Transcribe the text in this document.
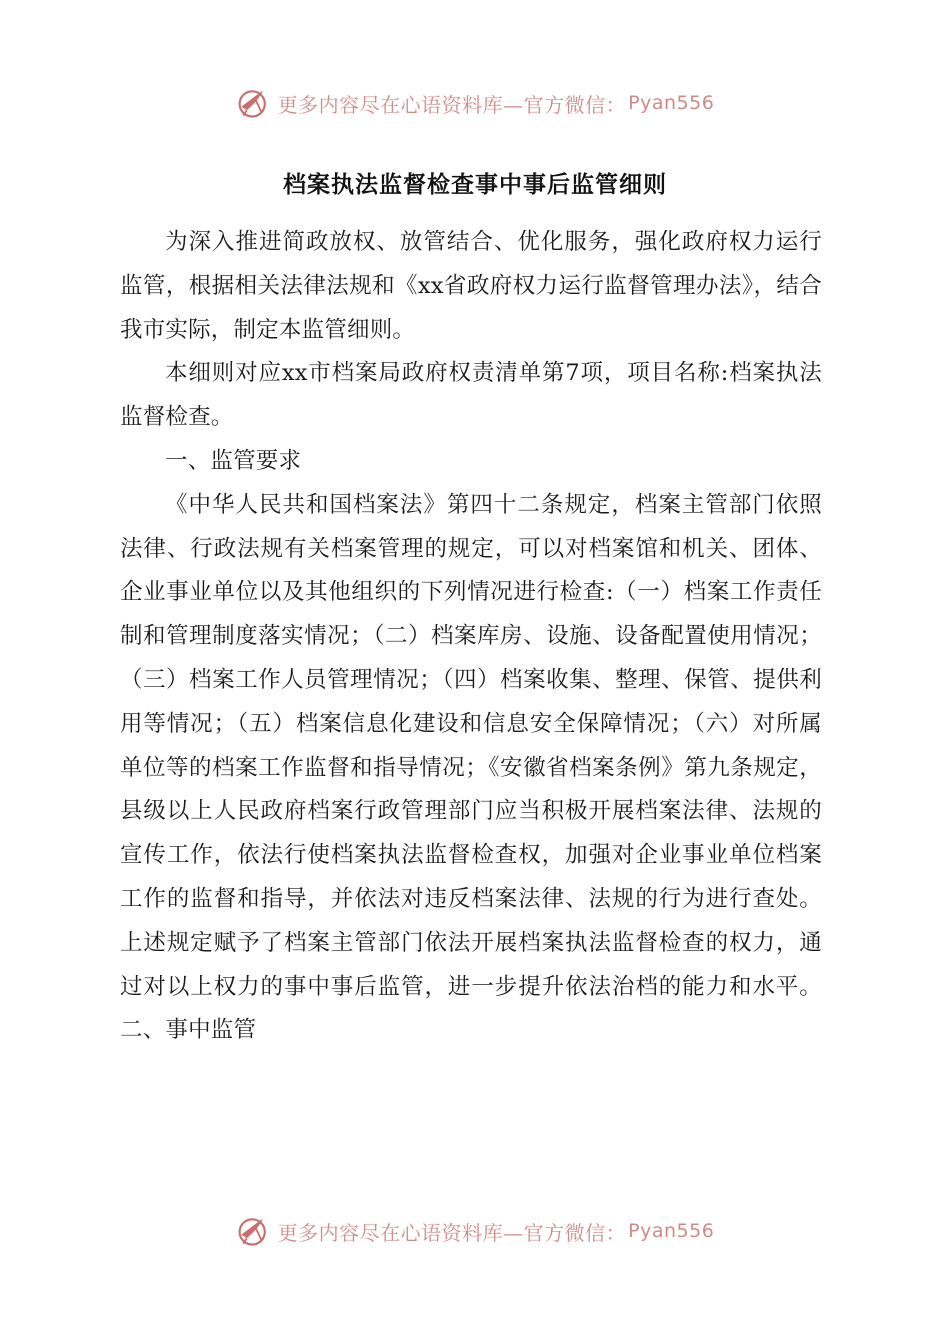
更多内容尽在心语资料库—官方微信： Pyan556
档案执法监督检查事中事后监管细则

为深入推进简政放权、放管结合、优化服务，强化政府权力运行监管，根据相关法律法规和《xx省政府权力运行监督管理办法》，结合我市实际，制定本监管细则。

本细则对应xx市档案局政府权责清单第7项，项目名称:档案执法监督检查。

一、监管要求

《中华人民共和国档案法》第四十二条规定，档案主管部门依照法律、行政法规有关档案管理的规定，可以对档案馆和机关、团体、企业事业单位以及其他组织的下列情况进行检查:（一）档案工作责任制和管理制度落实情况；（二）档案库房、设施、设备配置使用情况；（三）档案工作人员管理情况；（四）档案收集、整理、保管、提供利用等情况；（五）档案信息化建设和信息安全保障情况；（六）对所属单位等的档案工作监督和指导情况；《安徽省档案条例》第九条规定，县级以上人民政府档案行政管理部门应当积极开展档案法律、法规的宣传工作，依法行使档案执法监督检查权，加强对企业事业单位档案工作的监督和指导，并依法对违反档案法律、法规的行为进行查处。上述规定赋予了档案主管部门依法开展档案执法监督检查的权力，通过对以上权力的事中事后监管，进一步提升依法治档的能力和水平。二、事中监管

更多内容尽在心语资料库—官方微信： Pyan556
